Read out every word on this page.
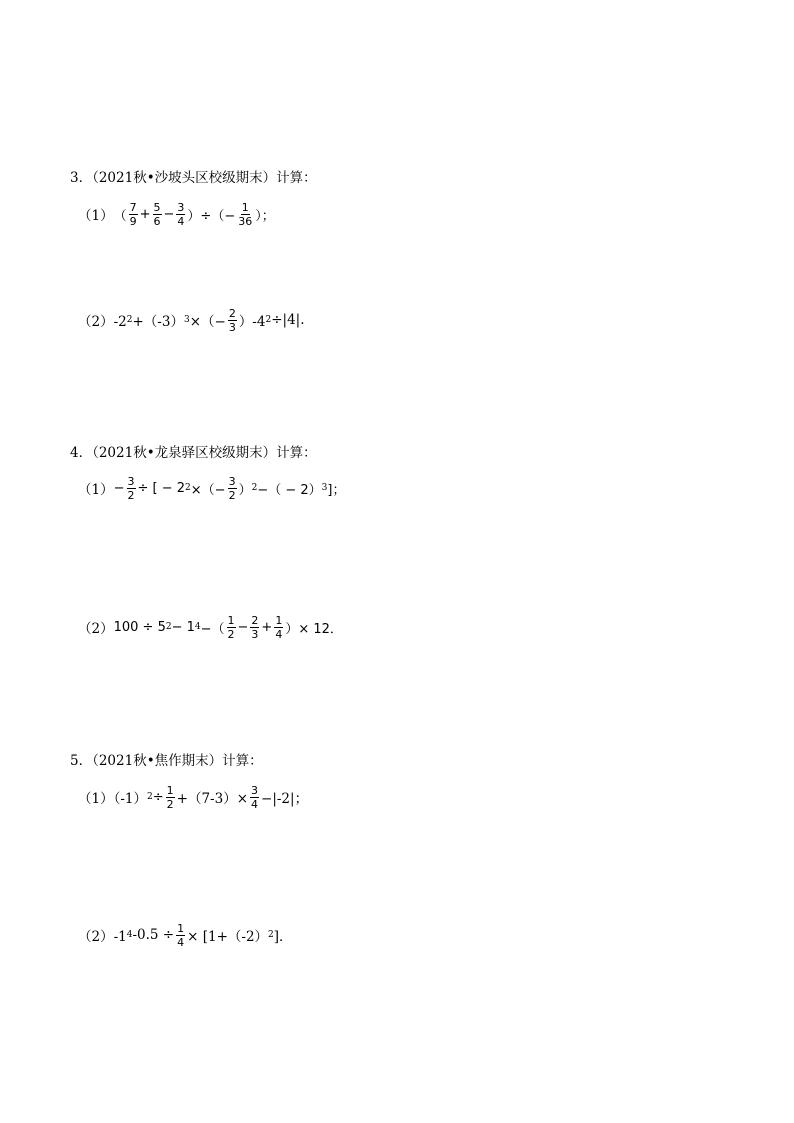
3．（2021秋•沙坡头区校级期末）计算：
（1） （ $\frac{7}{9} + \frac{5}{6} - \frac{3}{4}$ ）÷（− $\frac{1}{36}$ ）；
（2）-2 2 +（-3） 3 ×（− $\frac{2}{3} )-4$ 2 ÷|4|.
4．（2021秋•龙泉驿区校级期末）计算：
$(1) - \frac{3}{2}$ ÷ [ − 2 2 ×（− $\frac{3}{2}$ ） 2 −（ − 2） 3 ]；
（2） 100 ÷ 5 2 − 1 4 −（ $\frac{1}{2} - \frac{2}{3} + \frac{1}{4}$ ）× 12．
5．（2021秋•焦作期末）计算：
（1）（-1） $2 \div \frac{1}{2} +(7-3)\times \frac{3}{4} -|-2|$；
（2）-1 4 $-0.5 \div \frac{1}{4} \times [1+(-2)$ 2 ]．
